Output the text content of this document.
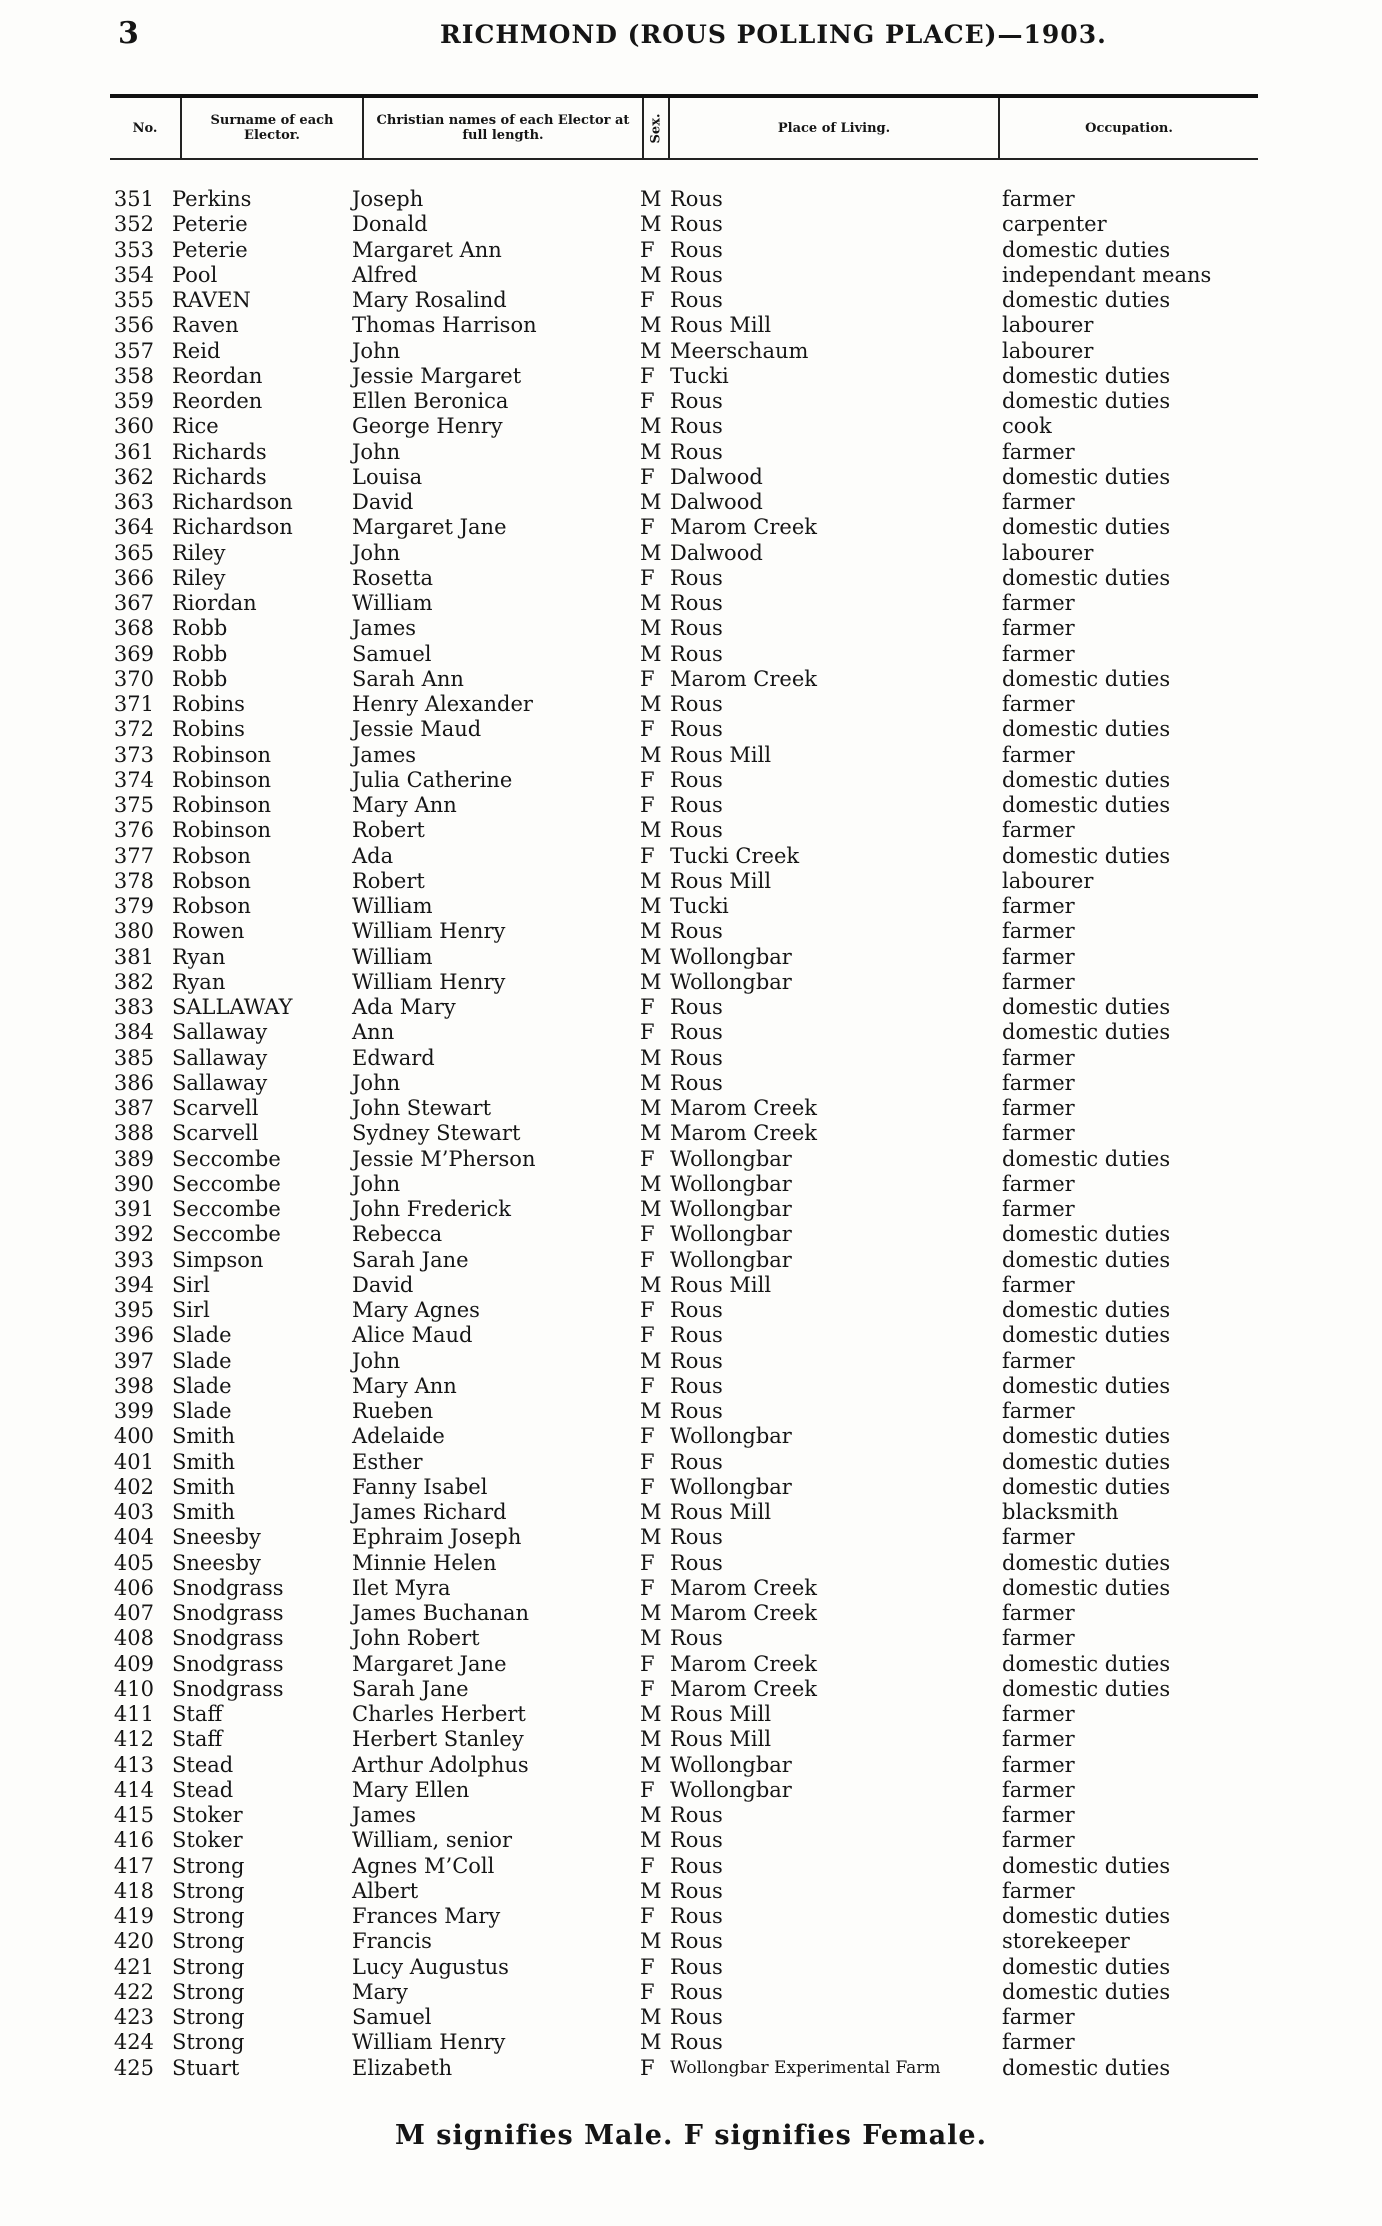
3	RICHMOND (ROUS POLLING PLACE)—1903.
No.	Surname of each Elector.
Christian names of each Elector at full length.	Sex.	Place of Living.	Occupation.
351 Perkins	Joseph	M Rous	farmer
352 Peterie	Donald	M Rous	carpenter
353 Peterie	Margaret Ann	F Rous	domestic duties
354 Pool	Alfred	M Rous	independant means
355 RAVEN	Mary Rosalind	F Rous	domestic duties
356 Raven	Thomas Harrison	M Rous Mill	labourer
357 Reid	John	M Meerschaum	labourer
358 Reordan	Jessie Margaret	F Tucki	domestic duties
359 Reorden	Ellen Beronica	F Rous	domestic duties
360 Rice	George Henry	M Rous	cook
361 Richards	John	M Rous	farmer
362 Richards	Louisa	F Dalwood	domestic duties
363 Richardson	David	M Dalwood	farmer
364 Richardson	Margaret Jane	F Marom Creek	domestic duties
365 Riley	John	M Dalwood	labourer
366 Riley	Rosetta	F Rous	domestic duties
367 Riordan	William	M Rous	farmer
368 Robb	James	M Rous	farmer
369 Robb	Samuel	M Rous	farmer
370 Robb	Sarah Ann	F Marom Creek	domestic duties
371 Robins	Henry Alexander	M Rous	farmer
372 Robins	Jessie Maud	F Rous	domestic duties
373 Robinson	James	M Rous Mill	farmer
374 Robinson	Julia Catherine	F Rous	domestic duties
375 Robinson	Mary Ann	F Rous	domestic duties
376 Robinson	Robert	M Rous	farmer
377 Robson	Ada	F Tucki Creek	domestic duties
378 Robson	Robert	M Rous Mill	labourer
379 Robson	William	M Tucki	farmer
380 Rowen	William Henry	M Rous	farmer
381 Ryan	William	M Wollongbar	farmer
382 Ryan	William Henry	M Wollongbar	farmer
383 SALLAWAY	Ada Mary	F Rous	domestic duties
384 Sallaway	Ann	F Rous	domestic duties
385 Sallaway	Edward	M Rous	farmer
386 Sallaway	John	M Rous	farmer
387 Scarvell	John Stewart	M Marom Creek	farmer
388 Scarvell	Sydney Stewart	M Marom Creek	farmer
389 Seccombe	Jessie M’Pherson	F Wollongbar	domestic duties
390 Seccombe	John	M Wollongbar	farmer
391 Seccombe	John Frederick	M Wollongbar	farmer
392 Seccombe	Rebecca	F Wollongbar	domestic duties
393 Simpson	Sarah Jane	F Wollongbar	domestic duties
394 Sirl	David	M Rous Mill	farmer
395 Sirl	Mary Agnes	F Rous	domestic duties
396 Slade	Alice Maud	F Rous	domestic duties
397 Slade	John	M Rous	farmer
398 Slade	Mary Ann	F Rous	domestic duties
399 Slade	Rueben	M Rous	farmer
400 Smith	Adelaide	F Wollongbar	domestic duties
401 Smith	Esther	F Rous	domestic duties
402 Smith	Fanny Isabel	F Wollongbar	domestic duties
403 Smith	James Richard	M Rous Mill	blacksmith
404 Sneesby	Ephraim Joseph	M Rous	farmer
405 Sneesby	Minnie Helen	F Rous	domestic duties
406 Snodgrass	Ilet Myra	F Marom Creek	domestic duties
407 Snodgrass	James Buchanan	M Marom Creek	farmer
408 Snodgrass	John Robert	M Rous	farmer
409 Snodgrass	Margaret Jane	F Marom Creek	domestic duties
410 Snodgrass	Sarah Jane	F Marom Creek	domestic duties
411 Staff	Charles Herbert	M Rous Mill	farmer
412 Staff	Herbert Stanley	M Rous Mill	farmer
413 Stead	Arthur Adolphus	M Wollongbar	farmer
414 Stead	Mary Ellen	F Wollongbar	farmer
415 Stoker	James	M Rous	farmer
416 Stoker	William, senior	M Rous	farmer
417 Strong	Agnes M’Coll	F Rous	domestic duties
418 Strong	Albert	M Rous	farmer
419 Strong	Frances Mary	F Rous	domestic duties
420 Strong	Francis	M Rous	storekeeper
421 Strong	Lucy Augustus	F Rous	domestic duties
422 Strong	Mary	F Rous	domestic duties
423 Strong	Samuel	M Rous	farmer
424 Strong	William Henry	M Rous	farmer
425 Stuart	Elizabeth	F Wollongbar Experimental Farm	domestic duties
M signifies Male. F signifies Female.
